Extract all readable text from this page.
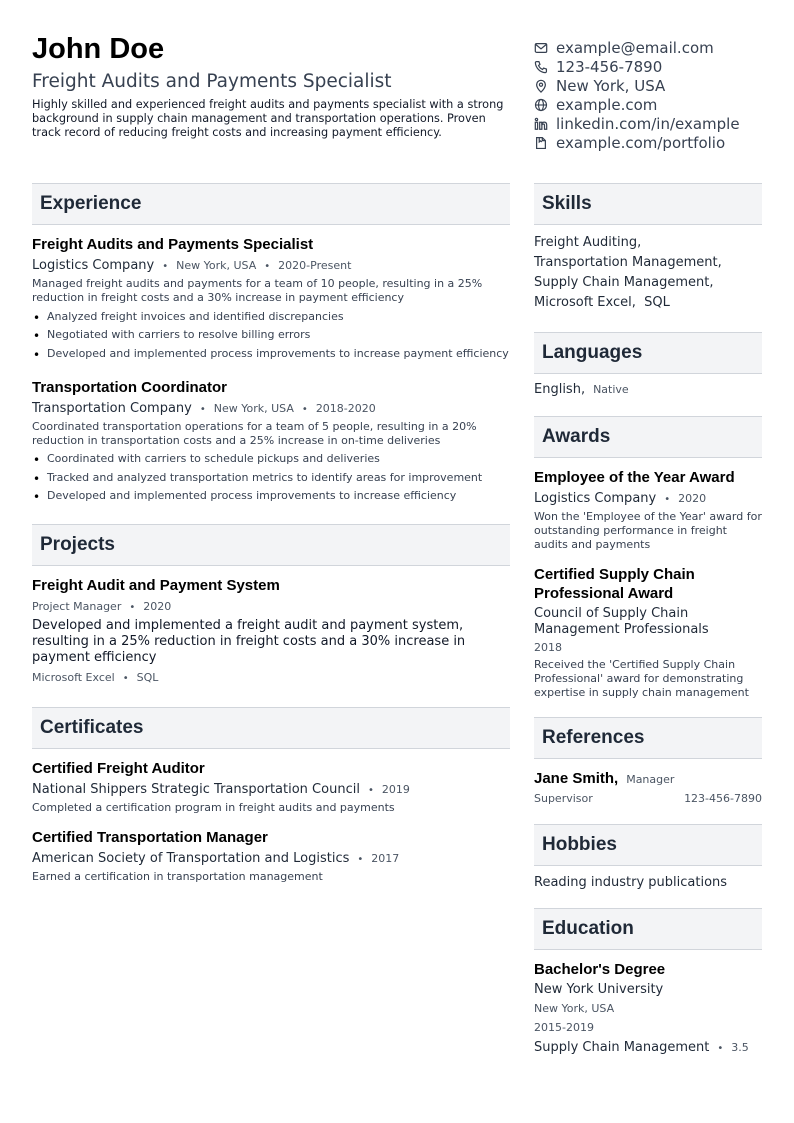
John Doe
Freight Audits and Payments Specialist
Highly skilled and experienced freight audits and payments specialist with a strong background in supply chain management and transportation operations. Proven track record of reducing freight costs and increasing payment efficiency.
example@email.com
123-456-7890
New York, USA
example.com
linkedin.com/in/example
example.com/portfolio
Experience
Freight Audits and Payments Specialist
Logistics Company • New York, USA • 2020-Present
Managed freight audits and payments for a team of 10 people, resulting in a 25% reduction in freight costs and a 30% increase in payment efficiency
• Analyzed freight invoices and identified discrepancies
• Negotiated with carriers to resolve billing errors
• Developed and implemented process improvements to increase payment efficiency
Transportation Coordinator
Transportation Company • New York, USA • 2018-2020
Coordinated transportation operations for a team of 5 people, resulting in a 20% reduction in transportation costs and a 25% increase in on-time deliveries
• Coordinated with carriers to schedule pickups and deliveries
• Tracked and analyzed transportation metrics to identify areas for improvement
• Developed and implemented process improvements to increase efficiency
Projects
Freight Audit and Payment System
Project Manager • 2020
Developed and implemented a freight audit and payment system, resulting in a 25% reduction in freight costs and a 30% increase in payment efficiency
Microsoft Excel • SQL
Certificates
Certified Freight Auditor
National Shippers Strategic Transportation Council • 2019
Completed a certification program in freight audits and payments
Certified Transportation Manager
American Society of Transportation and Logistics • 2017
Earned a certification in transportation management
Skills
Freight Auditing,
Transportation Management,
Supply Chain Management,
Microsoft Excel, SQL
Languages
English, Native
Awards
Employee of the Year Award
Logistics Company • 2020
Won the 'Employee of the Year' award for outstanding performance in freight audits and payments
Certified Supply Chain Professional Award
Council of Supply Chain Management Professionals
2018
Received the 'Certified Supply Chain Professional' award for demonstrating expertise in supply chain management
References
Jane Smith, Manager
Supervisor	123-456-7890
Hobbies
Reading industry publications
Education
Bachelor's Degree
New York University
New York, USA
2015-2019
Supply Chain Management • 3.5
